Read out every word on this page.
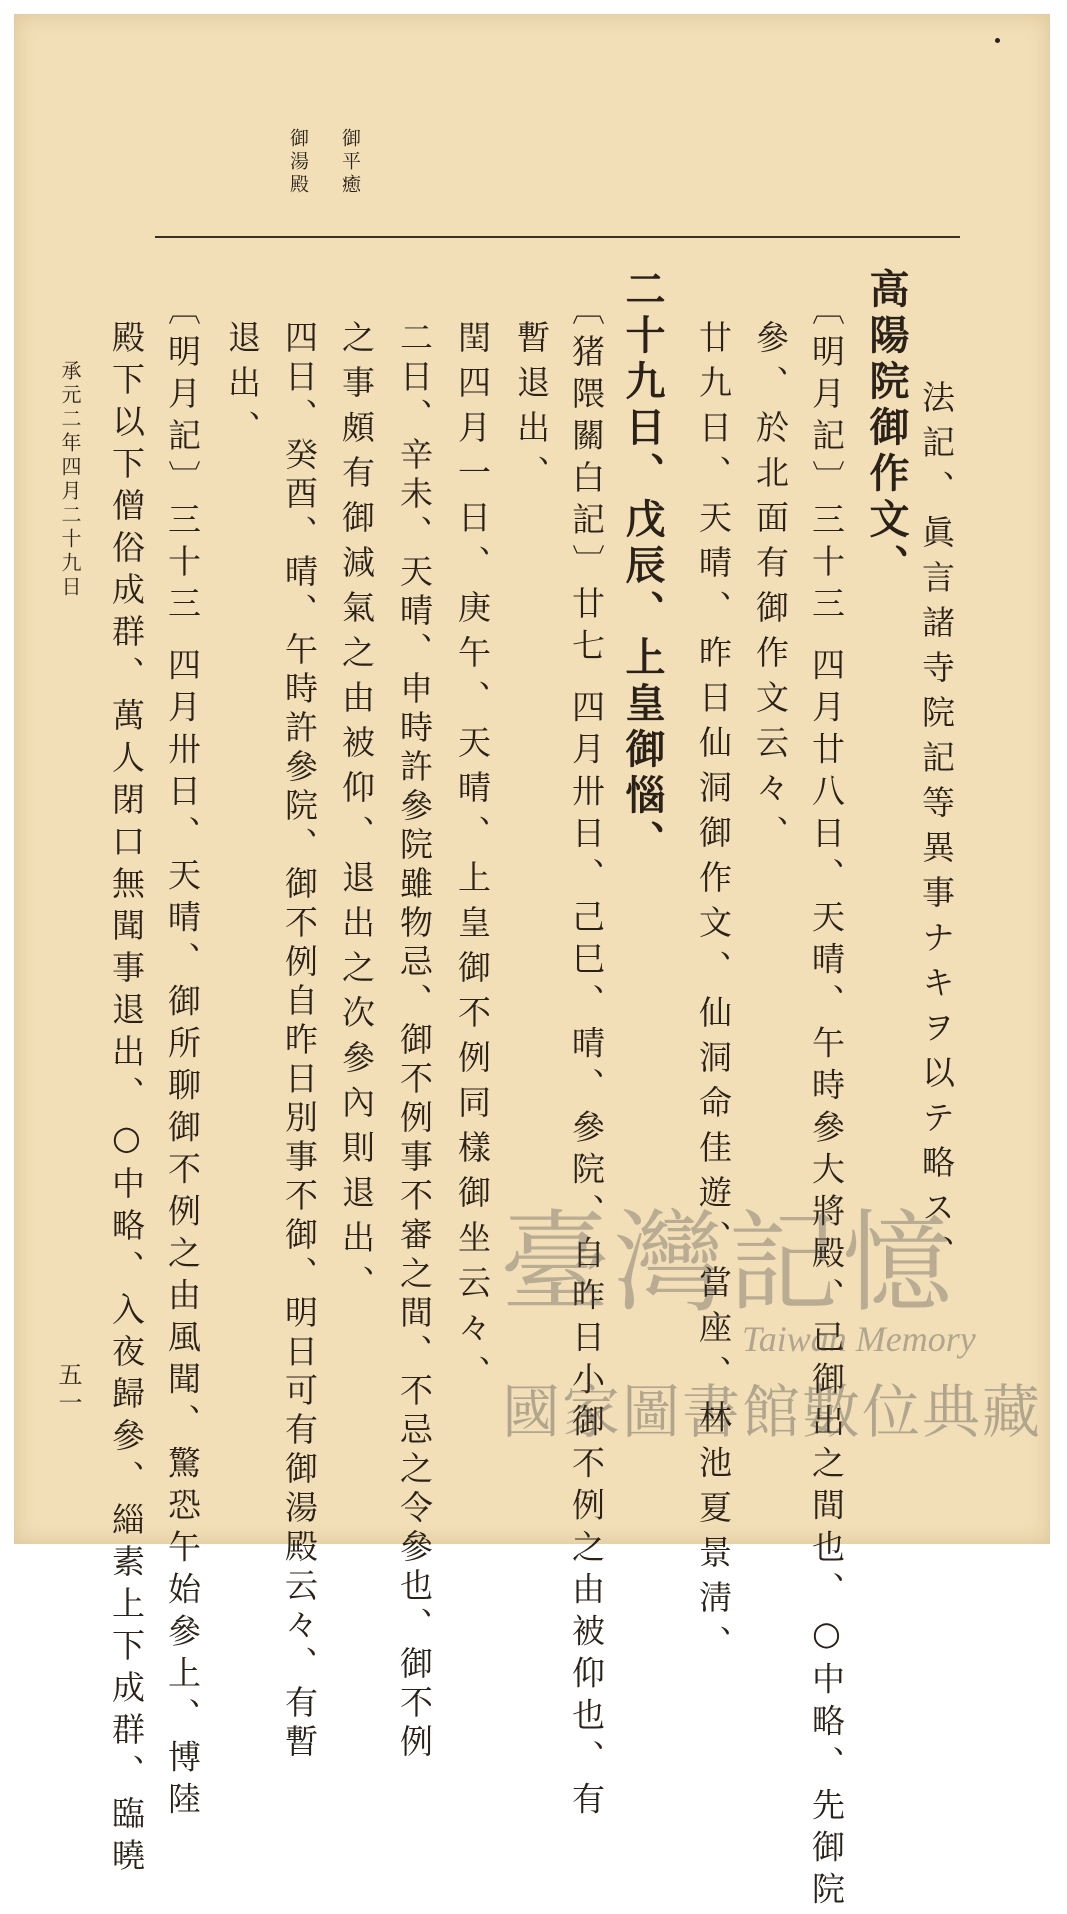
御平癒
御湯殿
法記、眞言諸寺院記等異事ナキヲ以テ略ス、
高陽院御作文、
〔明月記〕三十三 四月廿八日、天晴、午時參大將殿、已御出之間也、○中略、先御院
參、於北面有御作文云々、
廿九日、天晴、昨日仙洞御作文、仙洞命佳遊、當座、林池夏景淸、
二十九日、戊辰、上皇御惱、
〔猪隈關白記〕廿七 四月卅日、己巳、晴、參院、自昨日小御不例之由被仰也、有
暫退出、
閏四月一日、庚午、天晴、上皇御不例同樣御坐云々、
二日、辛未、天晴、申時許參院雖物忌、御不例事不審之間、不忌之令參也、御不例
之事頗有御減氣之由被仰、退出之次參內則退出、
四日、癸酉、晴、午時許參院、御不例自昨日別事不御、明日可有御湯殿云々、有暫
退出、
〔明月記〕三十三 四月卅日、天晴、御所聊御不例之由風聞、驚恐午始參上、博陸
殿下以下僧俗成群、萬人閉口無聞事退出、○中略、入夜歸參、緇素上下成群、臨曉
承元二年四月二十九日
五一
臺灣記憶
Taiwan Memory
國家圖書館數位典藏
